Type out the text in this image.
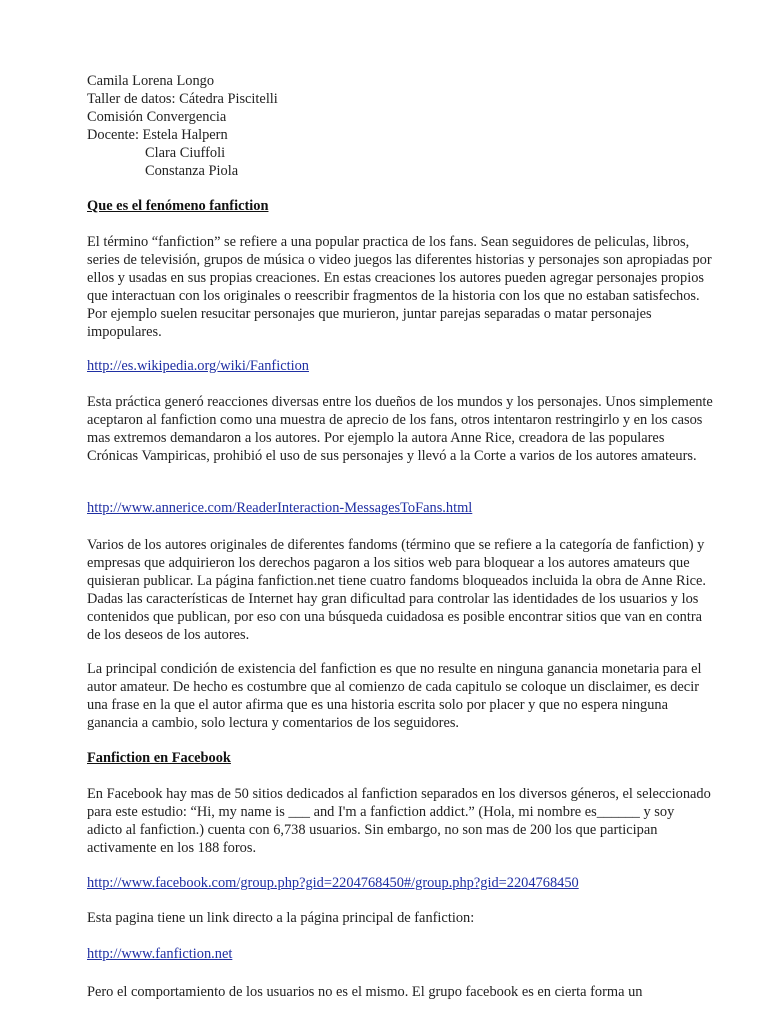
Camila Lorena Longo

Taller de datos: Cátedra Piscitelli

Comisión Convergencia

Docente: Estela Halpern

Clara Ciuffoli

Constanza Piola

Que es el fenómeno fanfiction

El término “fanfiction” se refiere a una popular practica de los fans. Sean seguidores de peliculas, libros, series de televisión, grupos de música o video juegos las diferentes historias y personajes son apropiadas por ellos y usadas en sus propias creaciones. En estas creaciones los autores pueden agregar personajes propios que interactuan con los originales o reescribir fragmentos de la historia con los que no estaban satisfechos. Por ejemplo suelen resucitar personajes que murieron, juntar parejas separadas o matar personajes impopulares.

http://es.wikipedia.org/wiki/Fanfiction

Esta práctica generó reacciones diversas entre los dueños de los mundos y los personajes. Unos simplemente aceptaron al fanfiction como una muestra de aprecio de los fans, otros intentaron restringirlo y en los casos mas extremos demandaron a los autores. Por ejemplo la autora Anne Rice, creadora de las populares Crónicas Vampiricas, prohibió el uso de sus personajes y llevó a la Corte a varios de los autores amateurs.

http://www.annerice.com/ReaderInteraction-MessagesToFans.html

Varios de los autores originales de diferentes fandoms (término que se refiere a la categoría de fanfiction) y empresas que adquirieron los derechos pagaron a los sitios web para bloquear a los autores amateurs que quisieran publicar. La página fanfiction.net tiene cuatro fandoms bloqueados incluida la obra de Anne Rice. Dadas las características de Internet hay gran dificultad para controlar las identidades de los usuarios y los contenidos que publican, por eso con una búsqueda cuidadosa es posible encontrar sitios que van en contra de los deseos de los autores.

La principal condición de existencia del fanfiction es que no resulte en ninguna ganancia monetaria para el autor amateur. De hecho es costumbre que al comienzo de cada capitulo se coloque un disclaimer, es decir una frase en la que el autor afirma que es una historia escrita solo por placer y que no espera ninguna ganancia a cambio, solo lectura y comentarios de los seguidores.

Fanfiction en Facebook

En Facebook hay mas de 50 sitios dedicados al fanfiction separados en los diversos géneros, el seleccionado para este estudio: “Hi, my name is ___ and I'm a fanfiction addict.” (Hola, mi nombre es______ y soy adicto al fanfiction.) cuenta con 6,738 usuarios. Sin embargo, no son mas de 200 los que participan activamente en los 188 foros.

http://www.facebook.com/group.php?gid=2204768450#/group.php?gid=2204768450

Esta pagina tiene un link directo a la página principal de fanfiction:

http://www.fanfiction.net

Pero el comportamiento de los usuarios no es el mismo. El grupo facebook es en cierta forma un
